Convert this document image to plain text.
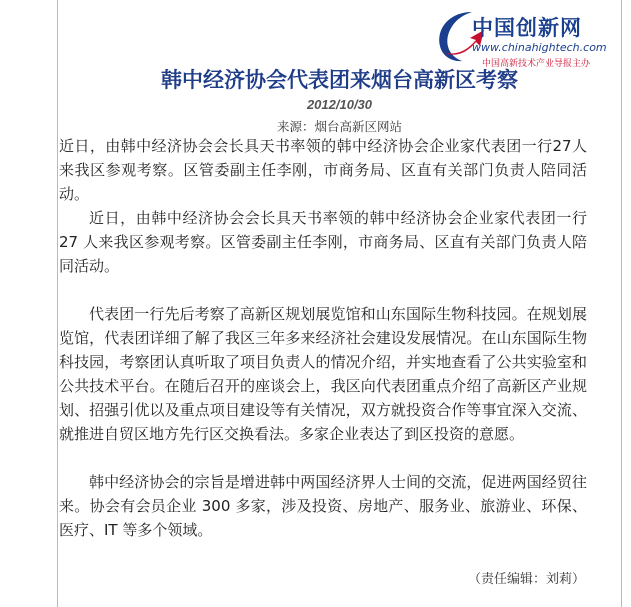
中国创新网
www.chinahightech.com
中国高新技术产业导报主办
韩中经济协会代表团来烟台高新区考察
2012/10/30
来源：烟台高新区网站

近日，由韩中经济协会会长具天书率领的韩中经济协会企业家代表团一行27人来我区参观考察。区管委副主任李刚，市商务局、区直有关部门负责人陪同活动。

近日，由韩中经济协会会长具天书率领的韩中经济协会企业家代表团一行 27 人来我区参观考察。区管委副主任李刚，市商务局、区直有关部门负责人陪同活动。

代表团一行先后考察了高新区规划展览馆和山东国际生物科技园。在规划展览馆，代表团详细了解了我区三年多来经济社会建设发展情况。在山东国际生物科技园，考察团认真听取了项目负责人的情况介绍，并实地查看了公共实验室和公共技术平台。在随后召开的座谈会上，我区向代表团重点介绍了高新区产业规划、招强引优以及重点项目建设等有关情况，双方就投资合作等事宜深入交流、就推进自贸区地方先行区交换看法。多家企业表达了到区投资的意愿。

韩中经济协会的宗旨是增进韩中两国经济界人士间的交流，促进两国经贸往来。协会有会员企业 300 多家，涉及投资、房地产、服务业、旅游业、环保、医疗、IT 等多个领域。

（责任编辑：刘莉）
